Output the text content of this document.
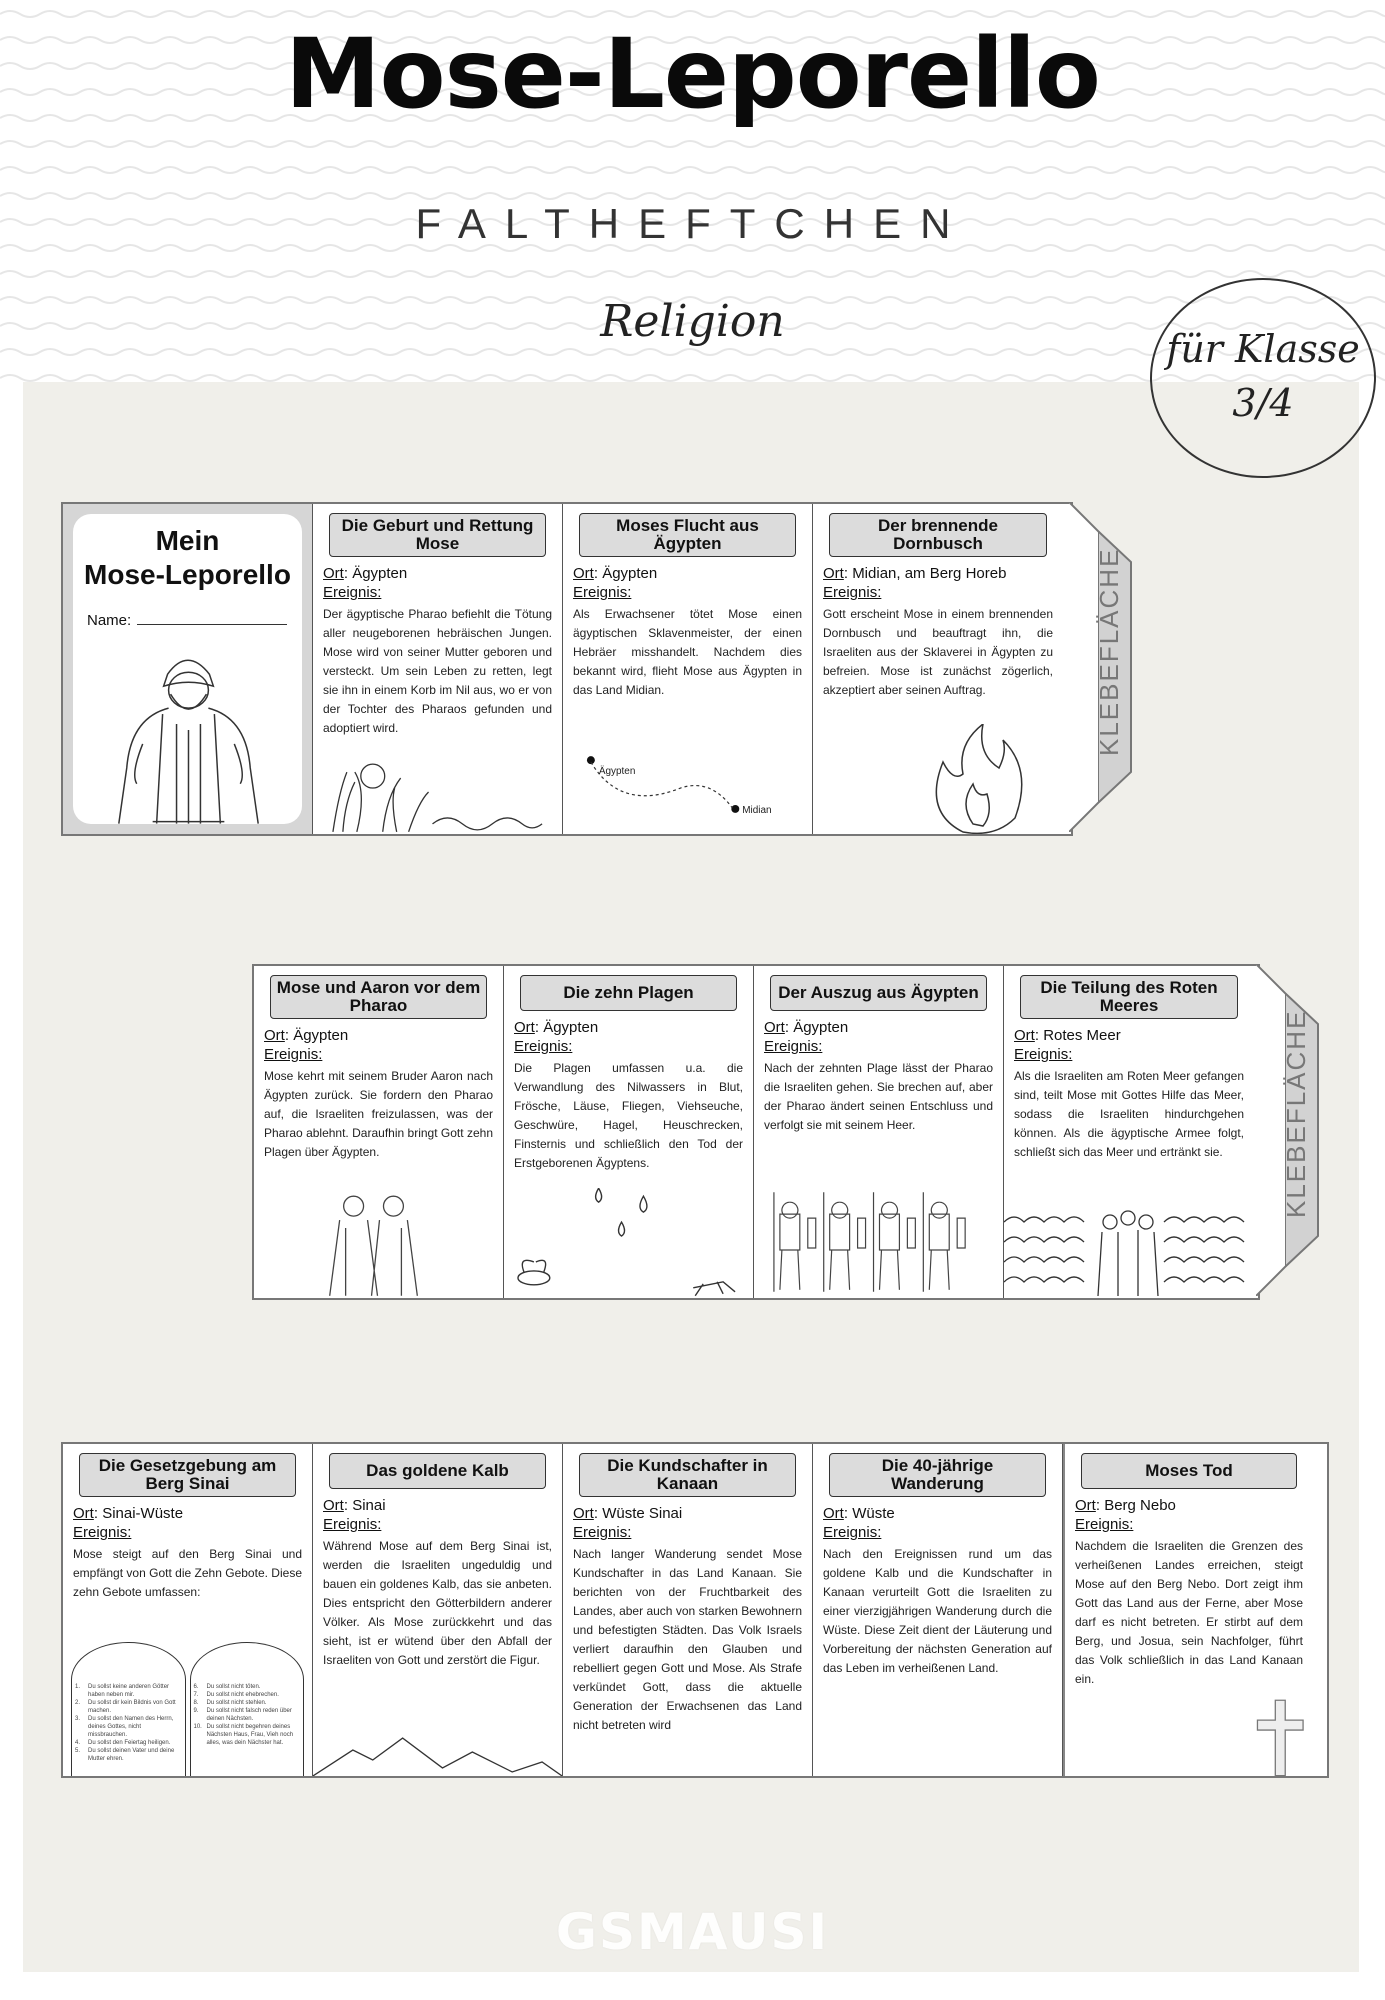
Mose-Leporello
FALTHEFTCHEN
Religion
für Klasse
3/4
Mein
Mose-Leporello
Name:
Die Geburt und Rettung Mose
Ort: Ägypten
Ereignis:
Der ägyptische Pharao befiehlt die Tötung aller neugeborenen hebräischen Jungen. Mose wird von seiner Mutter geboren und versteckt. Um sein Leben zu retten, legt sie ihn in einem Korb im Nil aus, wo er von der Tochter des Pharaos gefunden und adoptiert wird.
Moses Flucht aus Ägypten
Ort: Ägypten
Ereignis:
Als Erwachsener tötet Mose einen ägyptischen Sklavenmeister, der einen Hebräer misshandelt. Nachdem dies bekannt wird, flieht Mose aus Ägypten in das Land Midian.
Ägypten
Midian
Der brennende Dornbusch
Ort: Midian, am Berg Horeb
Ereignis:
Gott erscheint Mose in einem brennenden Dornbusch und beauftragt ihn, die Israeliten aus der Sklaverei in Ägypten zu befreien. Mose ist zunächst zögerlich, akzeptiert aber seinen Auftrag.	KLEBEFLÄCHE
Mose und Aaron vor dem Pharao
Ort: Ägypten
Ereignis:
Mose kehrt mit seinem Bruder Aaron nach Ägypten zurück. Sie fordern den Pharao auf, die Israeliten freizulassen, was der Pharao ablehnt. Daraufhin bringt Gott zehn Plagen über Ägypten.
Die zehn Plagen
Ort: Ägypten
Ereignis:
Die Plagen umfassen u.a. die Verwandlung des Nilwassers in Blut, Frösche, Läuse, Fliegen, Viehseuche, Geschwüre, Hagel, Heuschrecken, Finsternis und schließlich den Tod der Erstgeborenen Ägyptens.
Der Auszug aus Ägypten
Ort: Ägypten
Ereignis:
Nach der zehnten Plage lässt der Pharao die Israeliten gehen. Sie brechen auf, aber der Pharao ändert seinen Entschluss und verfolgt sie mit seinem Heer.
Die Teilung des Roten Meeres
Ort: Rotes Meer
Ereignis:
Als die Israeliten am Roten Meer gefangen sind, teilt Mose mit Gottes Hilfe das Meer, sodass die Israeliten hindurchgehen können. Als die ägyptische Armee folgt, schließt sich das Meer und ertränkt sie.	KLEBEFLÄCHE
Die Gesetzgebung am Berg Sinai
Ort: Sinai-Wüste
Ereignis:
Mose steigt auf den Berg Sinai und empfängt von Gott die Zehn Gebote. Diese zehn Gebote umfassen:
1.	Du sollst keine anderen Götter haben neben mir.
2.	Du sollst dir kein Bildnis von Gott machen.
3.	Du sollst den Namen des Herrn, deines Gottes, nicht missbrauchen.
4.	Du sollst den Feiertag heiligen.
5.	Du sollst deinen Vater und deine Mutter ehren.
6.	Du sollst nicht töten.
7.	Du sollst nicht ehebrechen.
8.	Du sollst nicht stehlen.
9.	Du sollst nicht falsch reden über deinen Nächsten.
10. Du sollst nicht begehren deines Nächsten Haus, Frau, Vieh noch alles, was dein Nächster hat.
Das goldene Kalb
Ort: Sinai
Ereignis:
Während Mose auf dem Berg Sinai ist, werden die Israeliten ungeduldig und bauen ein goldenes Kalb, das sie anbeten. Dies entspricht den Götterbildern anderer Völker. Als Mose zurückkehrt und das sieht, ist er wütend über den Abfall der Israeliten von Gott und zerstört die Figur.
Die Kundschafter in Kanaan
Ort: Wüste Sinai
Ereignis:
Nach langer Wanderung sendet Mose Kundschafter in das Land Kanaan. Sie berichten von der Fruchtbarkeit des Landes, aber auch von starken Bewohnern und befestigten Städten. Das Volk Israels verliert daraufhin den Glauben und rebelliert gegen Gott und Mose. Als Strafe verkündet Gott, dass die aktuelle Generation der Erwachsenen das Land nicht betreten wird
Die 40-jährige Wanderung
Ort: Wüste
Ereignis:
Nach den Ereignissen rund um das goldene Kalb und die Kundschafter in Kanaan verurteilt Gott die Israeliten zu einer vierzigjährigen Wanderung durch die Wüste. Diese Zeit dient der Läuterung und Vorbereitung der nächsten Generation auf das Leben im verheißenen Land.
Moses Tod
Ort: Berg Nebo
Ereignis:
Nachdem die Israeliten die Grenzen des verheißenen Landes erreichen, steigt Mose auf den Berg Nebo. Dort zeigt ihm Gott das Land aus der Ferne, aber Mose darf es nicht betreten. Er stirbt auf dem Berg, und Josua, sein Nachfolger, führt das Volk schließlich in das Land Kanaan ein.
GSMAUSI
